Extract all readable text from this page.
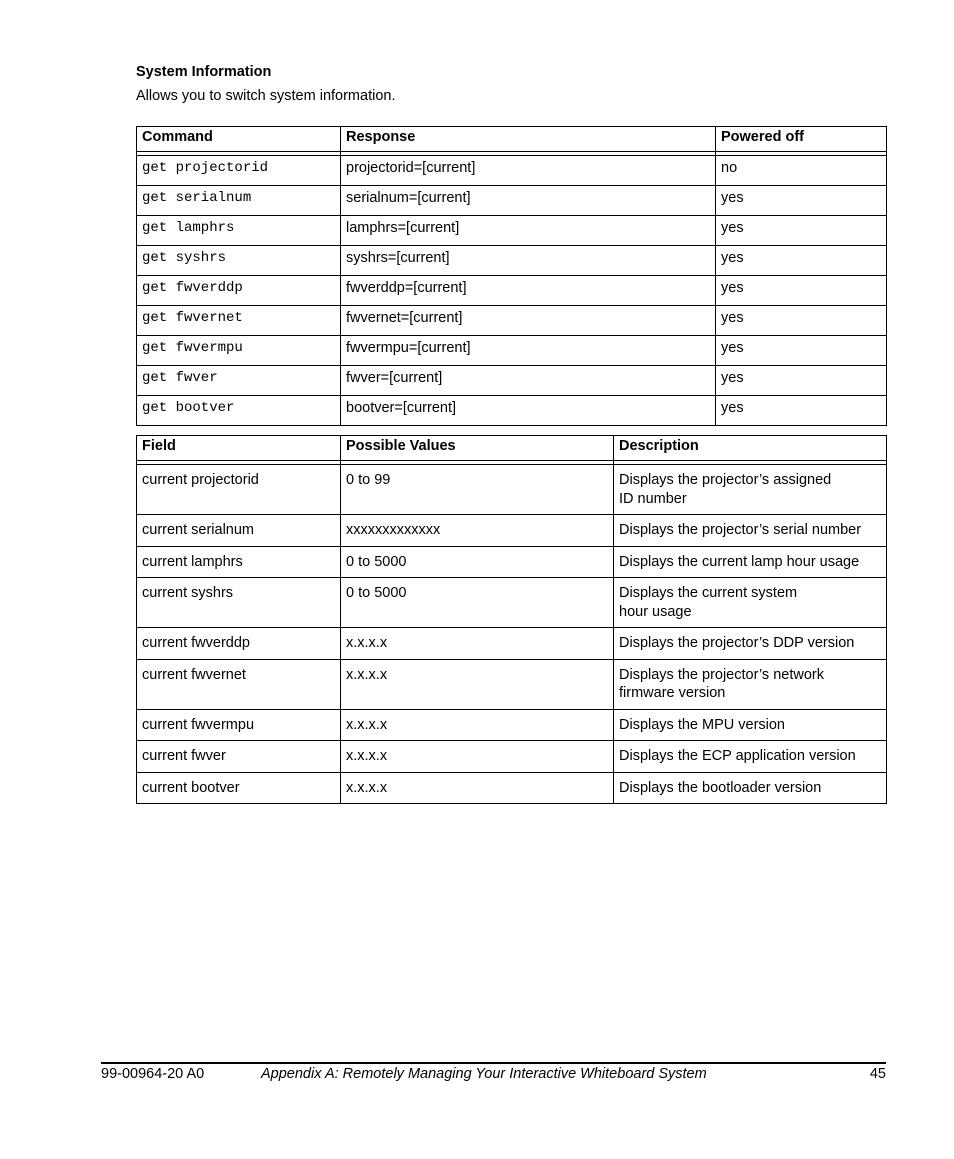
System Information
Allows you to switch system information.
Command	Response	Powered off

get projectorid	projectorid=[current]	no
get serialnum	serialnum=[current]	yes
get lamphrs	lamphrs=[current]	yes
get syshrs	syshrs=[current]	yes
get fwverddp	fwverddp=[current]	yes
get fwvernet	fwvernet=[current]	yes
get fwvermpu	fwvermpu=[current]	yes
get fwver	fwver=[current]	yes
get bootver	bootver=[current]	yes
Field	Possible Values	Description

current projectorid	0 to 99	Displays the projector’s assigned
ID number

current serialnum	xxxxxxxxxxxxx	Displays the projector’s serial number

current lamphrs	0 to 5000	Displays the current lamp hour usage

current syshrs	0 to 5000	Displays the current system
hour usage

current fwverddp	x.x.x.x	Displays the projector’s DDP version

current fwvernet	x.x.x.x	Displays the projector’s network
firmware version

current fwvermpu	x.x.x.x	Displays the MPU version

current fwver	x.x.x.x	Displays the ECP application version

current bootver	x.x.x.x	Displays the bootloader version
99-00964-20 A0	Appendix A: Remotely Managing Your Interactive Whiteboard System	45
